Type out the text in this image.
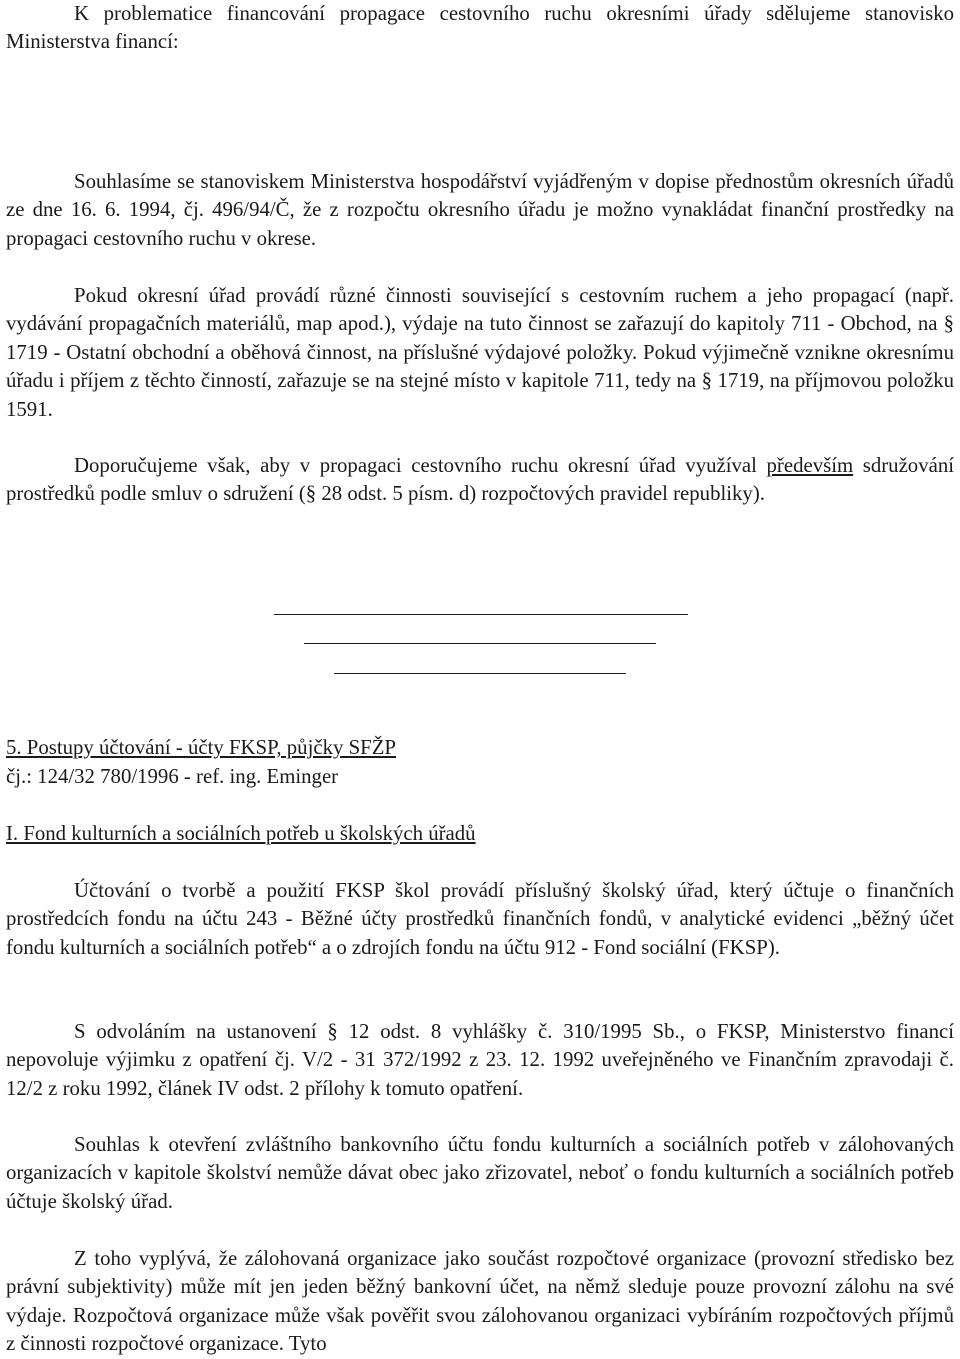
K problematice financování propagace cestovního ruchu okresními úřady sdělujeme stanovisko Ministerstva financí:

Souhlasíme se stanoviskem Ministerstva hospodářství vyjádřeným v dopise přednostům okresních úřadů ze dne 16. 6. 1994, čj. 496/94/Č, že z rozpočtu okresního úřadu je možno vynakládat finanční prostředky na propagaci cestovního ruchu v okrese.

Pokud okresní úřad provádí různé činnosti související s cestovním ruchem a jeho propagací (např. vydávání propagačních materiálů, map apod.), výdaje na tuto činnost se zařazují do kapitoly 711 - Obchod, na § 1719 - Ostatní obchodní a oběhová činnost, na příslušné výdajové položky. Pokud výjimečně vznikne okresnímu úřadu i příjem z těchto činností, zařazuje se na stejné místo v kapitole 711, tedy na § 1719, na příjmovou položku 1591.

Doporučujeme však, aby v propagaci cestovního ruchu okresní úřad využíval především sdružování prostředků podle smluv o sdružení (§ 28 odst. 5 písm. d) rozpočtových pravidel republiky).

5. Postupy účtování - účty FKSP, půjčky SFŽP

čj.: 124/32 780/1996 - ref. ing. Eminger

I. Fond kulturních a sociálních potřeb u školských úřadů

Účtování o tvorbě a použití FKSP škol provádí příslušný školský úřad, který účtuje o finančních prostředcích fondu na účtu 243 - Běžné účty prostředků finančních fondů, v analytické evidenci „běžný účet fondu kulturních a sociálních potřeb“ a o zdrojích fondu na účtu 912 - Fond sociální (FKSP).

S odvoláním na ustanovení § 12 odst. 8 vyhlášky č. 310/1995 Sb., o FKSP, Ministerstvo financí nepovoluje výjimku z opatření čj. V/2 - 31 372/1992 z 23. 12. 1992 uveřejněného ve Finančním zpravodaji č. 12/2 z roku 1992, článek IV odst. 2 přílohy k tomuto opatření.

Souhlas k otevření zvláštního bankovního účtu fondu kulturních a sociálních potřeb v zálohovaných organizacích v kapitole školství nemůže dávat obec jako zřizovatel, neboť o fondu kulturních a sociálních potřeb účtuje školský úřad.

Z toho vyplývá, že zálohovaná organizace jako součást rozpočtové organizace (provozní středisko bez právní subjektivity) může mít jen jeden běžný bankovní účet, na němž sleduje pouze provozní zálohu na své výdaje. Rozpočtová organizace může však pověřit svou zálohovanou organizaci vybíráním rozpočtových příjmů z činnosti rozpočtové organizace. Tyto
